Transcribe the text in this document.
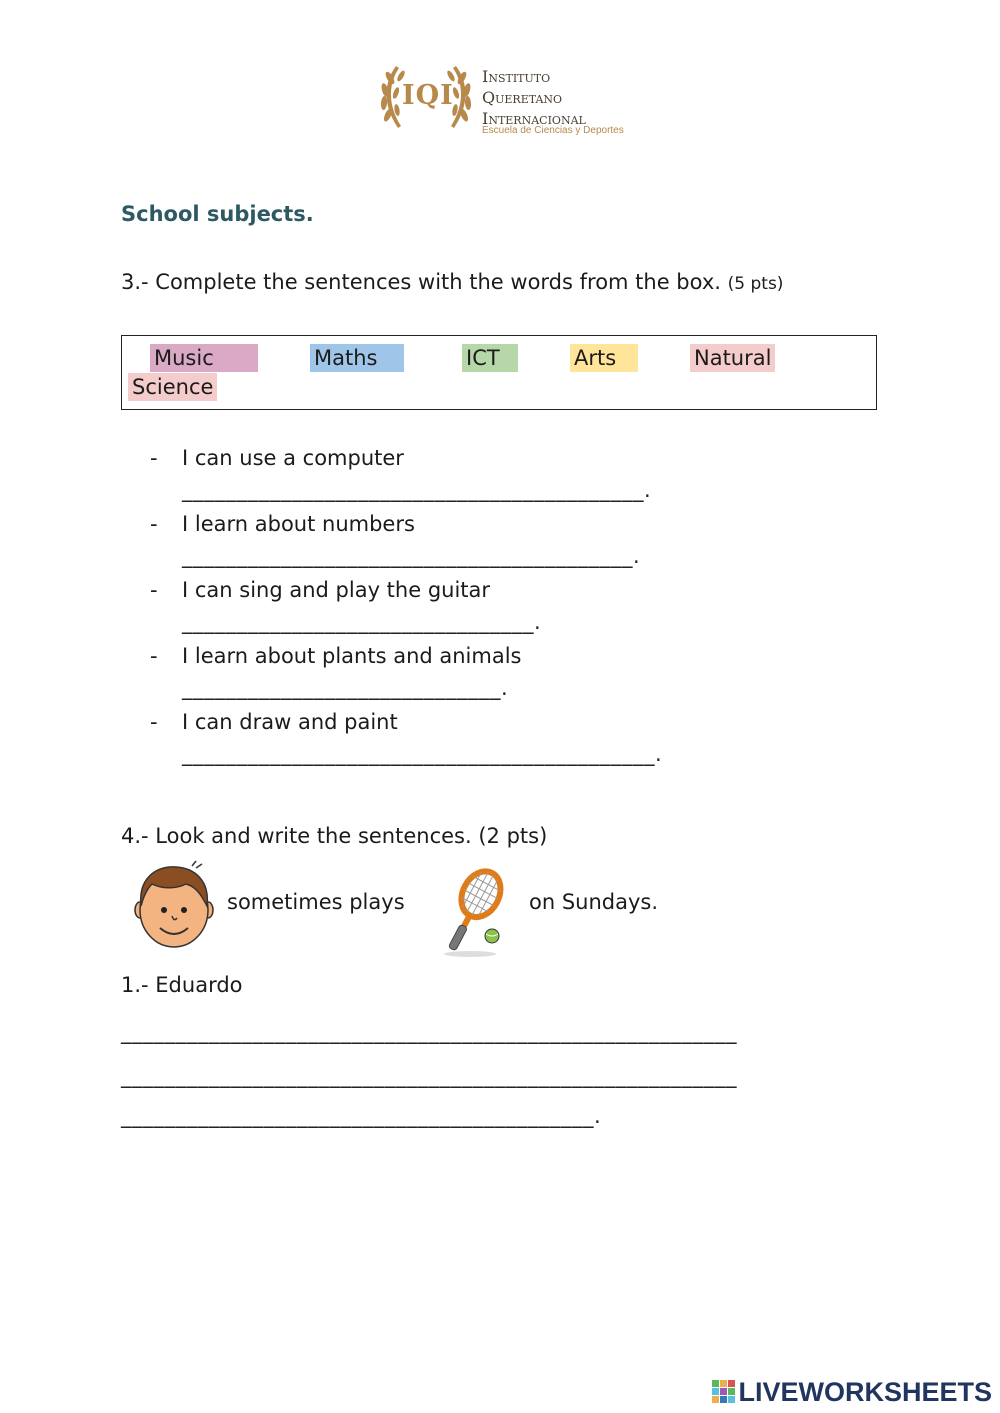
IQI
Instituto
Queretano
Internacional
Escuela de Ciencias y Deportes
School subjects.
3.- Complete the sentences with the words from the box. (5 pts)
Music	Maths	ICT	Arts	Natural
Science
- I can use a computer
__________________________________________.
- I learn about numbers
_________________________________________.
- I can sing and play the guitar
________________________________.
- I learn about plants and animals
_____________________________.
- I can draw and paint
___________________________________________.
4.- Look and write the sentences. (2 pts)
sometimes plays	on Sundays.
1.- Eduardo
________________________________________________________
________________________________________________________
___________________________________________.
LIVEWORKSHEETS
